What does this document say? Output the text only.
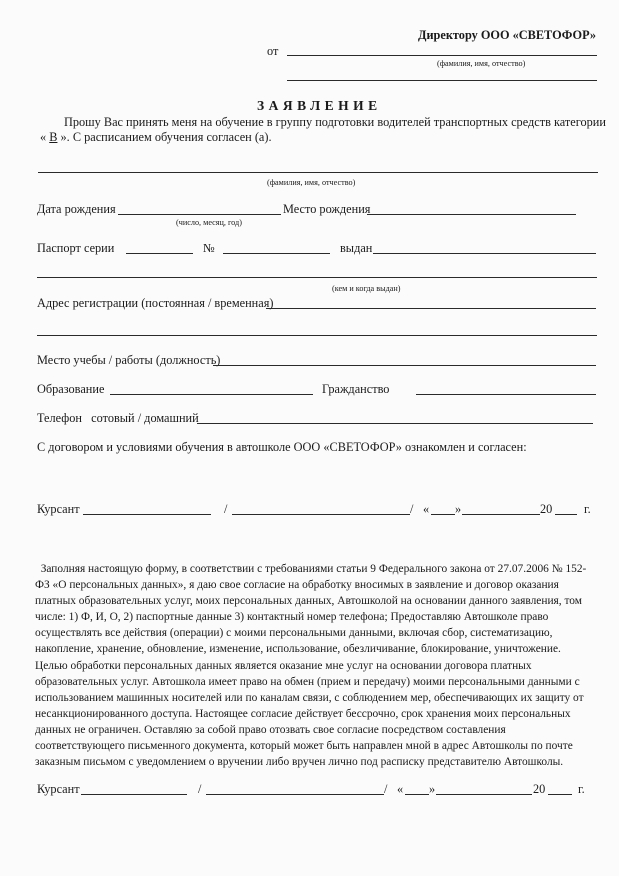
Директору ООО «СВЕТОФОР»
от
(фамилия, имя, отчество)
ЗАЯВЛЕНИЕ
Прошу Вас принять меня на обучение в группу подготовки водителей транспортных средств категории
« В ». С расписанием обучения согласен (а).
(фамилия, имя, отчество)
Дата рождения	Место рождения
(число, месяц, год)
Паспорт серии	№	выдан
(кем и когда выдан)
Адрес регистрации (постоянная / временная)
Место учебы / работы (должность)
Образование	Гражданство
Телефон   сотовый / домашний
С договором и условиями обучения в автошколе ООО «СВЕТОФОР» ознакомлен и согласен:
Курсант	/	/ « »	20	г.

Заполняя настоящую форму, в соответствии с требованиями статьи 9 Федерального закона от 27.07.2006 № 152-

ФЗ «О персональных данных», я даю свое согласие на обработку вносимых в заявление и договор оказания

платных образовательных услуг, моих персональных данных, Автошколой на основании данного заявления, том

числе: 1) Ф, И, О, 2) паспортные данные 3) контактный номер телефона; Предоставляю Автошколе право

осуществлять все действия (операции) с моими персональными данными, включая сбор, систематизацию,

накопление, хранение, обновление, изменение, использование, обезличивание, блокирование, уничтожение.

Целью обработки персональных данных является оказание мне услуг на основании договора платных

образовательных услуг. Автошкола имеет право на обмен (прием и передачу) моими персональными данными с

использованием машинных носителей или по каналам связи, с соблюдением мер, обеспечивающих их защиту от

несанкционированного доступа. Настоящее согласие действует бессрочно, срок хранения моих персональных

данных не ограничен. Оставляю за собой право отозвать свое согласие посредством составления

соответствующего письменного документа, который может быть направлен мной в адрес Автошколы по почте

заказным письмом с уведомлением о вручении либо вручен лично под расписку представителю Автошколы.

Курсант	/	/ « »	20	г.
